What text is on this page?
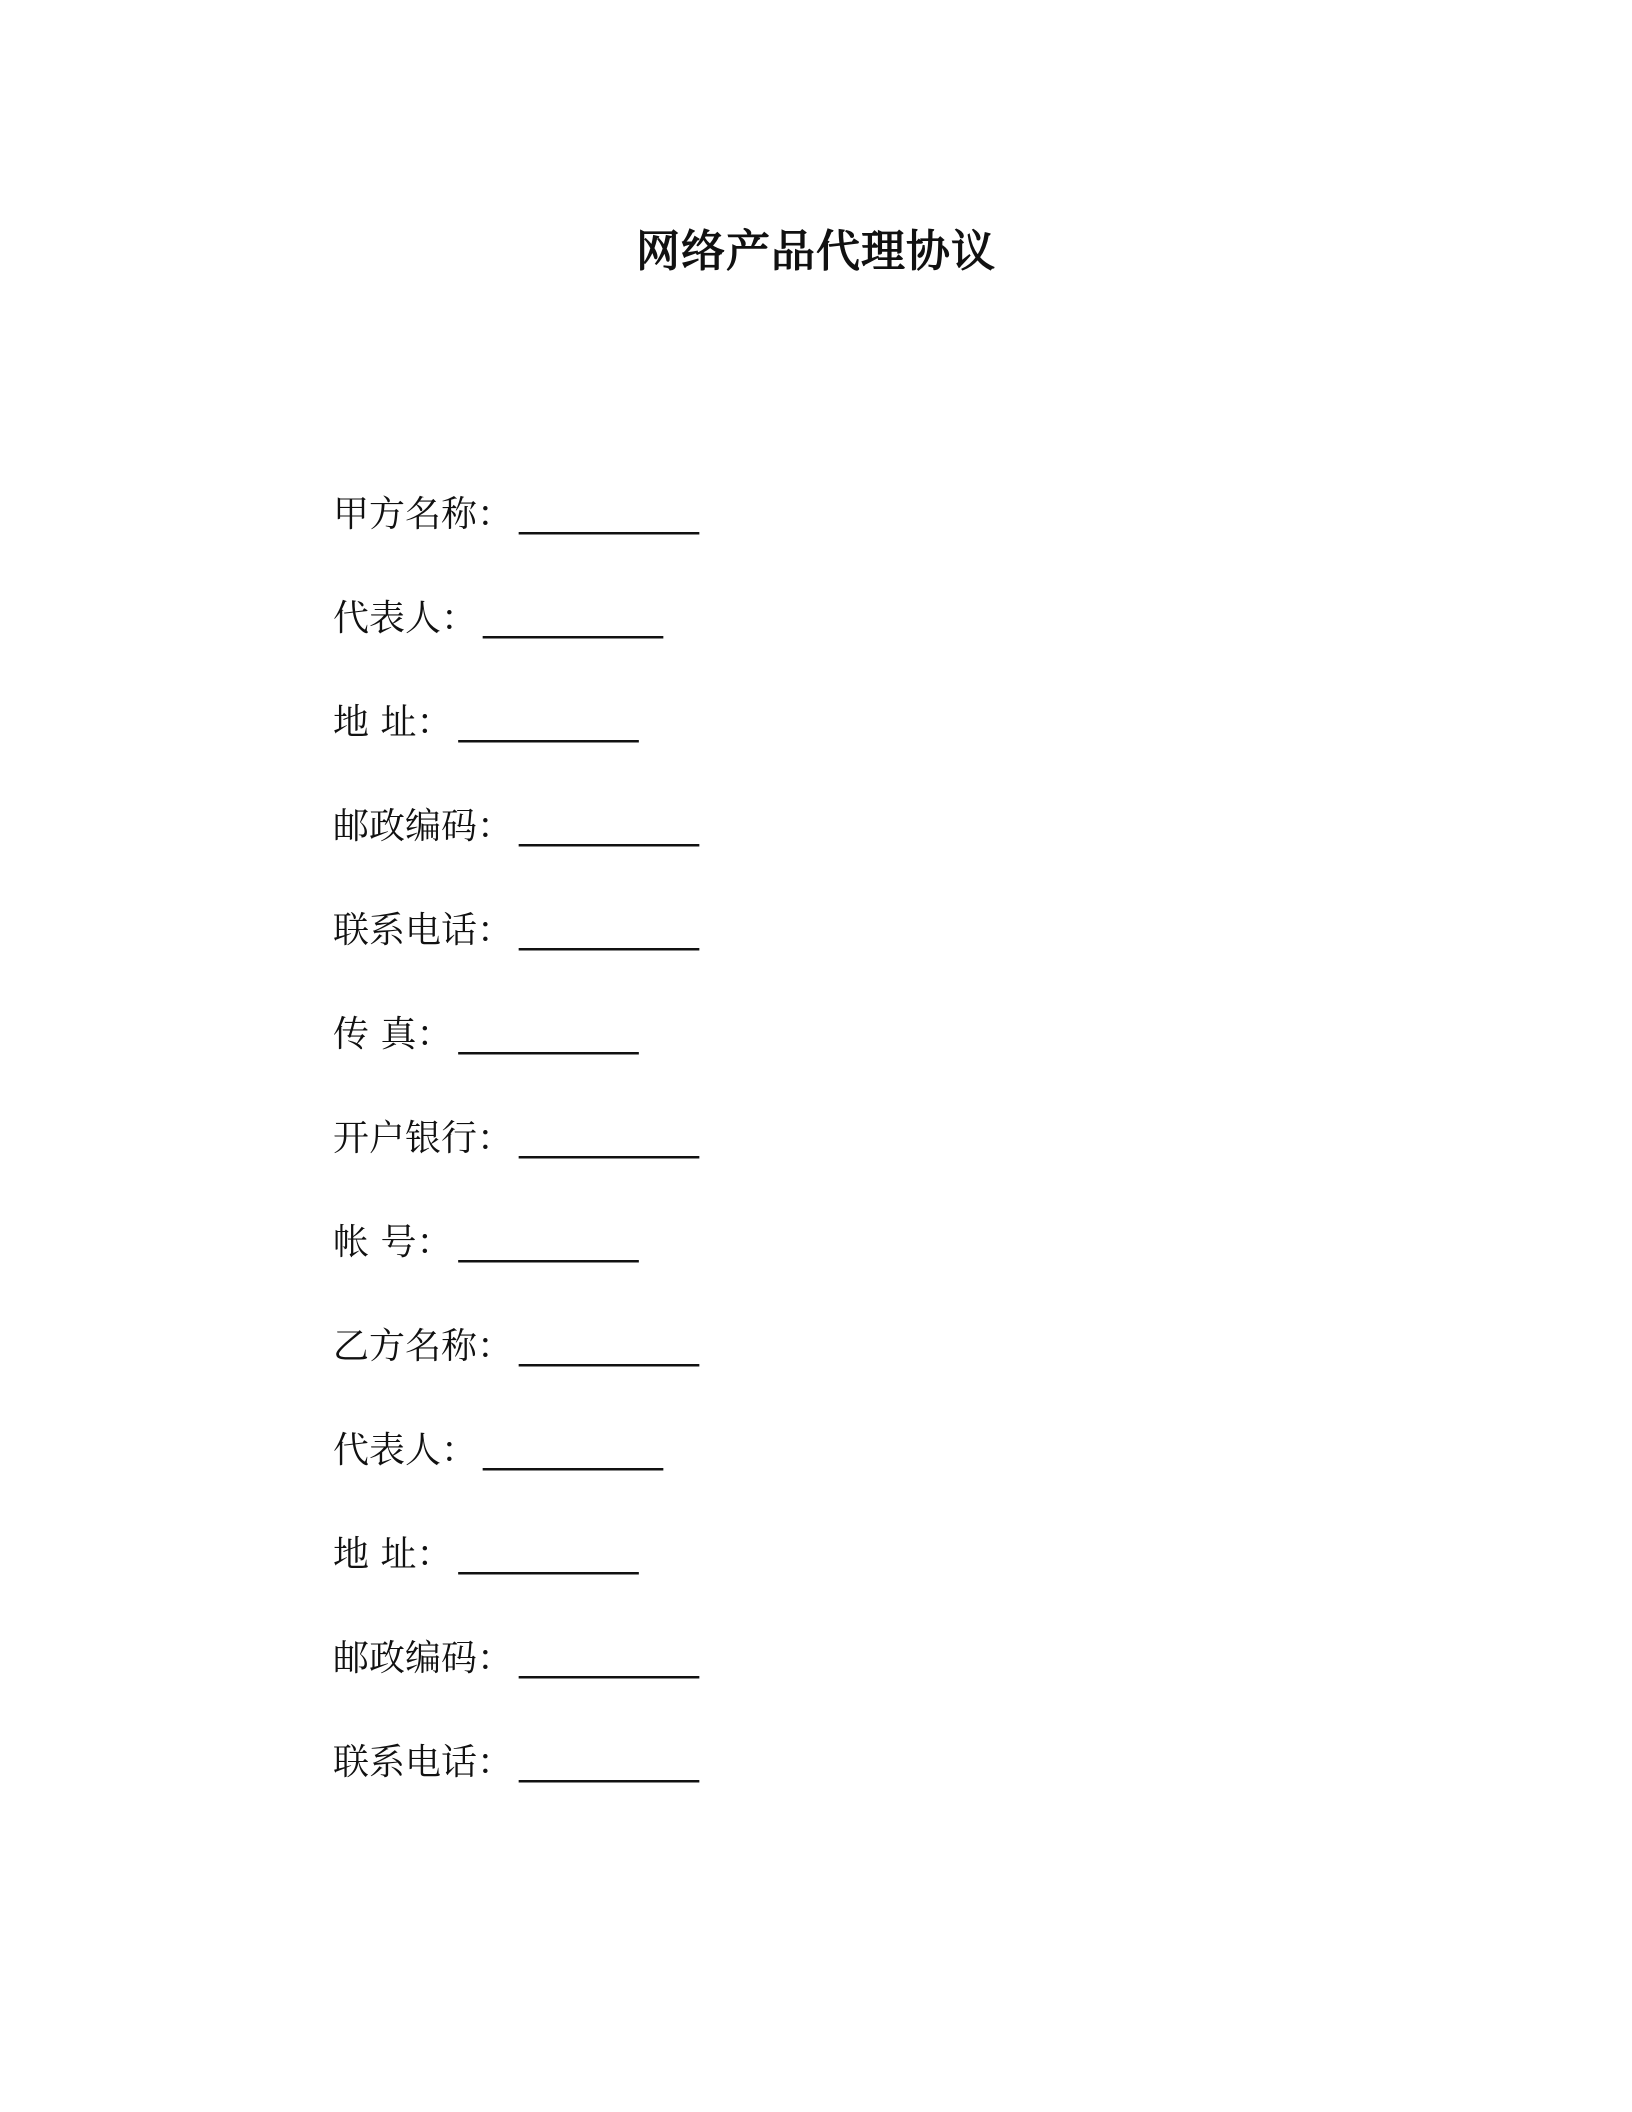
网络产品代理协议
甲方名称： __________
代表人： __________
地 址： __________
邮政编码： __________
联系电话： __________
传 真： __________
开户银行： __________
帐 号： __________
乙方名称： __________
代表人： __________
地 址： __________
邮政编码： __________
联系电话： __________
